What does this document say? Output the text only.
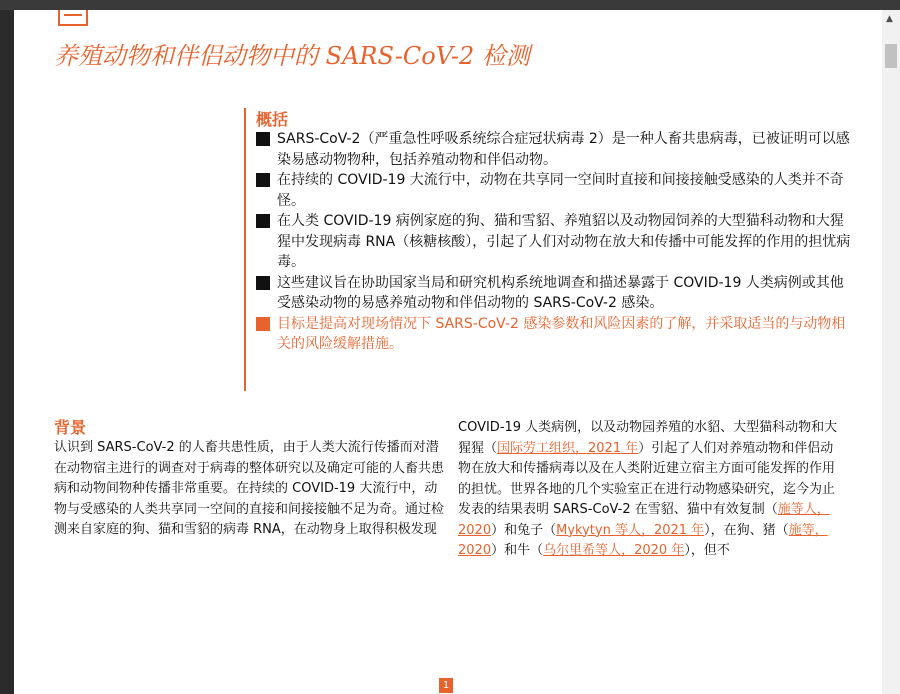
养殖动物和伴侣动物中的 SARS-CoV-2 检测
概括
SARS-CoV-2（严重急性呼吸系统综合症冠状病毒 2）是一种人畜共患病毒，已被证明可以感染易感动物物种，包括养殖动物和伴侣动物。
在持续的 COVID-19 大流行中，动物在共享同一空间时直接和间接接触受感染的人类并不奇怪。
在人类 COVID-19 病例家庭的狗、猫和雪貂、养殖貂以及动物园饲养的大型猫科动物和大猩猩中发现病毒 RNA（核糖核酸），引起了人们对动物在放大和传播中可能发挥的作用的担忧病毒。
这些建议旨在协助国家当局和研究机构系统地调查和描述暴露于 COVID-19 人类病例或其他受感染动物的易感养殖动物和伴侣动物的 SARS-CoV-2 感染。
目标是提高对现场情况下 SARS-CoV-2 感染参数和风险因素的了解，并采取适当的与动物相关的风险缓解措施。
背景
认识到 SARS-CoV-2 的人畜共患性质，由于人类大流行传播而对潜在动物宿主进行的调查对于病毒的整体研究以及确定可能的人畜共患病和动物间物种传播非常重要。在持续的 COVID-19 大流行中，动物与受感染的人类共享同一空间的直接和间接接触不足为奇。通过检测来自家庭的狗、猫和雪貂的病毒 RNA，在动物身上取得积极发现
COVID-19 人类病例，以及动物园养殖的水貂、大型猫科动物和大猩猩（国际劳工组织，2021 年）引起了人们对养殖动物和伴侣动物在放大和传播病毒以及在人类附近建立宿主方面可能发挥的作用的担忧。世界各地的几个实验室正在进行动物感染研究，迄今为止发表的结果表明 SARS-CoV-2 在雪貂、猫中有效复制（施等人，2020）和兔子（Mykytyn 等人，2021 年），在狗、猪（施等，2020）和牛（乌尔里希等人，2020 年），但不
1
▲
